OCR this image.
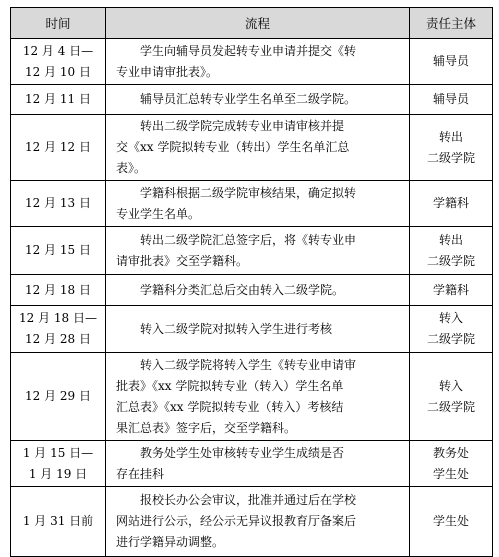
时间	流程	责任主体

12 月 4 日—
12 月 10 日	学生向辅导员发起转专业申请并提交《转
专业申请审批表》。	辅导员

12 月 11 日	辅导员汇总转专业学生名单至二级学院。	辅导员

12 月 12 日	转出二级学院完成转专业申请审核并提
交《xx 学院拟转专业（转出）学生名单汇总
表》。	转出
二级学院

12 月 13 日	学籍科根据二级学院审核结果，确定拟转
专业学生名单。	学籍科

12 月 15 日	转出二级学院汇总签字后，将《转专业申
请审批表》交至学籍科。	转出
二级学院

12 月 18 日	学籍科分类汇总后交由转入二级学院。	学籍科

12 月 18 日—
12 月 28 日	转入二级学院对拟转入学生进行考核	转入
二级学院

12 月 29 日	转入二级学院将转入学生《转专业申请审
批表》《xx 学院拟转专业（转入）学生名单
汇总表》《xx 学院拟转专业（转入）考核结
果汇总表》签字后，交至学籍科。	转入
二级学院

1 月 15 日—
1 月 19 日	教务处学生处审核转专业学生成绩是否
存在挂科	教务处
学生处

1 月 31 日前	报校长办公会审议，批准并通过后在学校
网站进行公示，经公示无异议报教育厅备案后
进行学籍异动调整。	学生处
